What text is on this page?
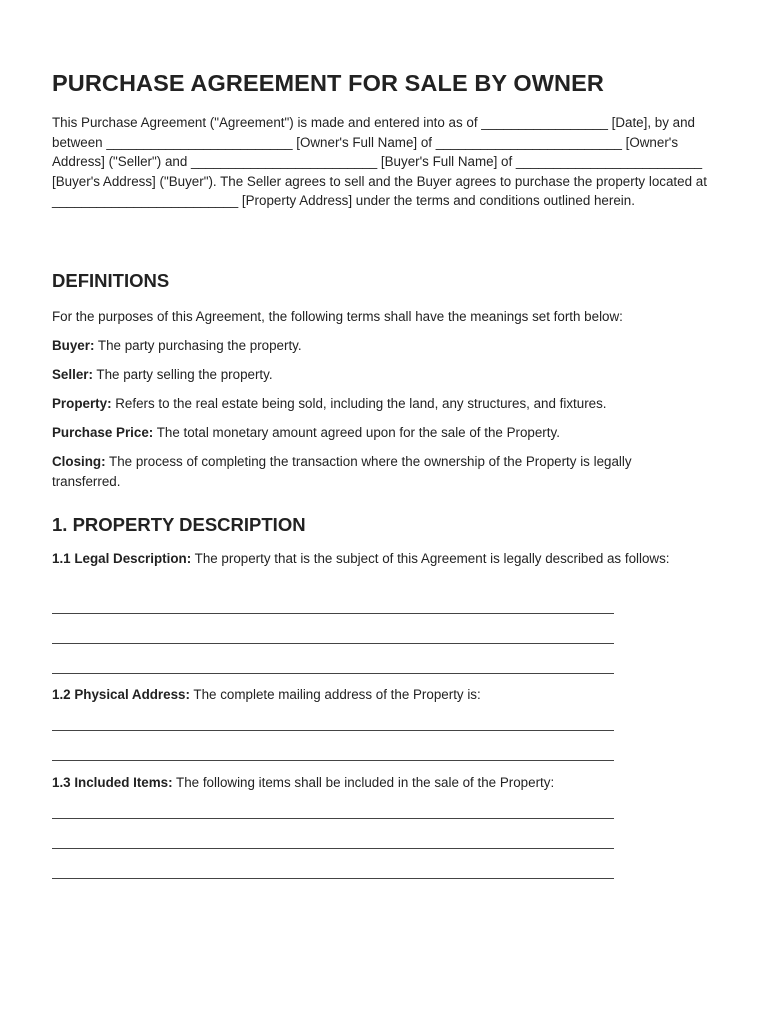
PURCHASE AGREEMENT FOR SALE BY OWNER

This Purchase Agreement ("Agreement") is made and entered into as of _________________ [Date], by and between _________________________ [Owner's Full Name] of _________________________ [Owner's Address] ("Seller") and _________________________ [Buyer's Full Name] of _________________________ [Buyer's Address] ("Buyer"). The Seller agrees to sell and the Buyer agrees to purchase the property located at _________________________ [Property Address] under the terms and conditions outlined herein.

DEFINITIONS

For the purposes of this Agreement, the following terms shall have the meanings set forth below:

Buyer: The party purchasing the property.

Seller: The party selling the property.

Property: Refers to the real estate being sold, including the land, any structures, and fixtures.

Purchase Price: The total monetary amount agreed upon for the sale of the Property.

Closing: The process of completing the transaction where the ownership of the Property is legally transferred.

1. PROPERTY DESCRIPTION

1.1 Legal Description: The property that is the subject of this Agreement is legally described as follows:

1.2 Physical Address: The complete mailing address of the Property is:

1.3 Included Items: The following items shall be included in the sale of the Property:
